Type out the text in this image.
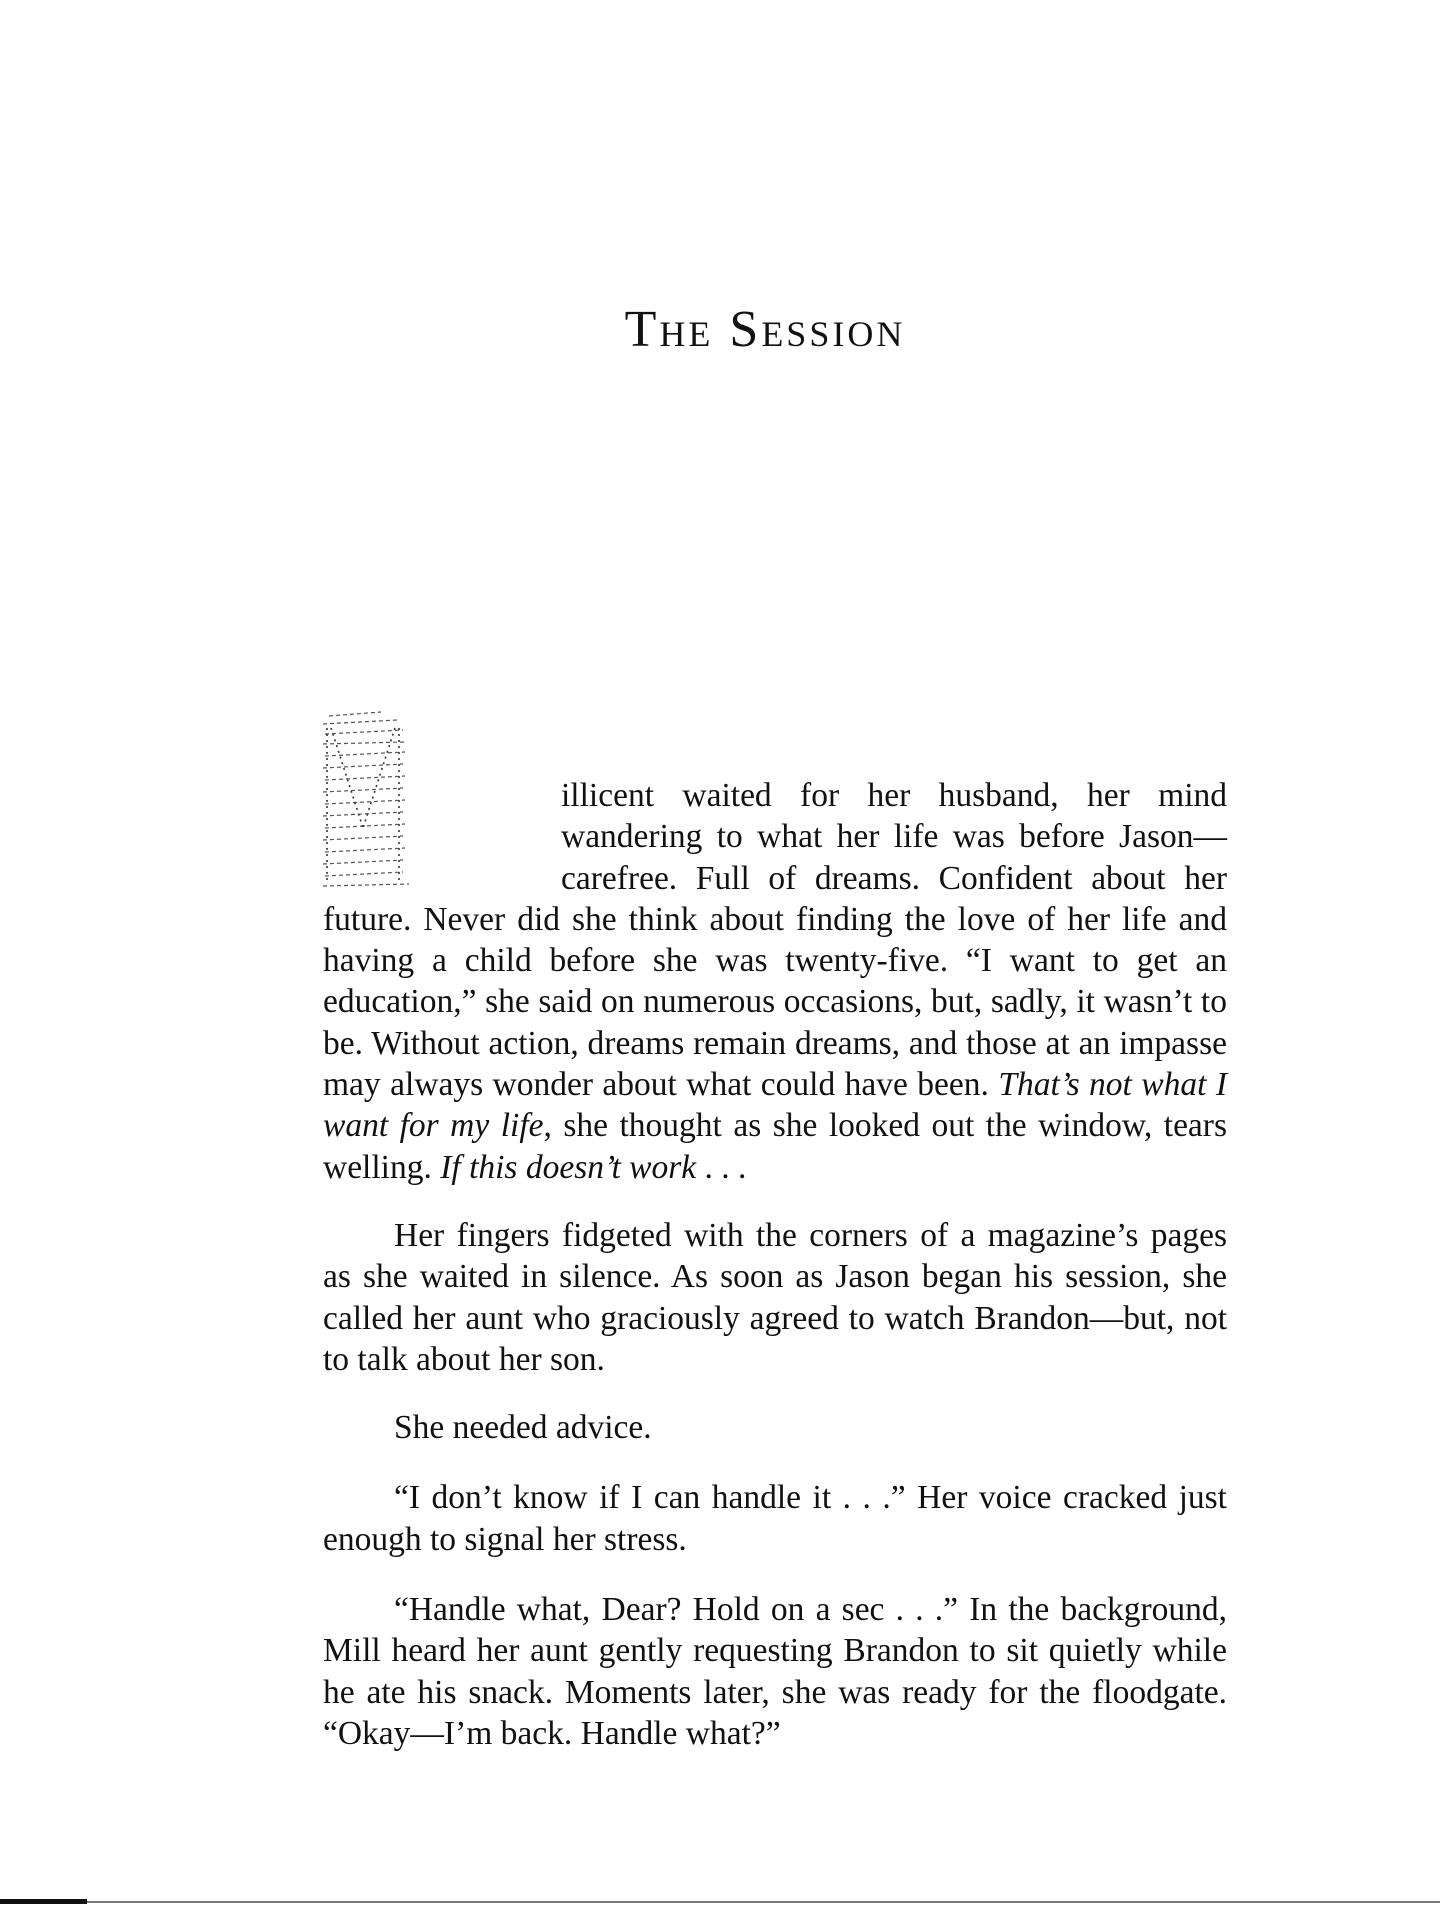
The Session

illicent waited for her husband, her mind wandering to what her life was before Jason—carefree. Full of dreams. Confident about her future. Never did she think about finding the love of her life and having a child before she was twenty-five. “I want to get an education,” she said on numerous occasions, but, sadly, it wasn’t to be. Without action, dreams remain dreams, and those at an impasse may always wonder about what could have been. That’s not what I want for my life, she thought as she looked out the window, tears welling. If this doesn’t work . . .

Her fingers fidgeted with the corners of a magazine’s pages as she waited in silence. As soon as Jason began his session, she called her aunt who graciously agreed to watch Brandon—but, not to talk about her son.

She needed advice.

“I don’t know if I can handle it . . .” Her voice cracked just enough to signal her stress.

“Handle what, Dear? Hold on a sec . . .” In the background, Mill heard her aunt gently requesting Brandon to sit quietly while he ate his snack. Moments later, she was ready for the floodgate. “Okay—I’m back. Handle what?”
